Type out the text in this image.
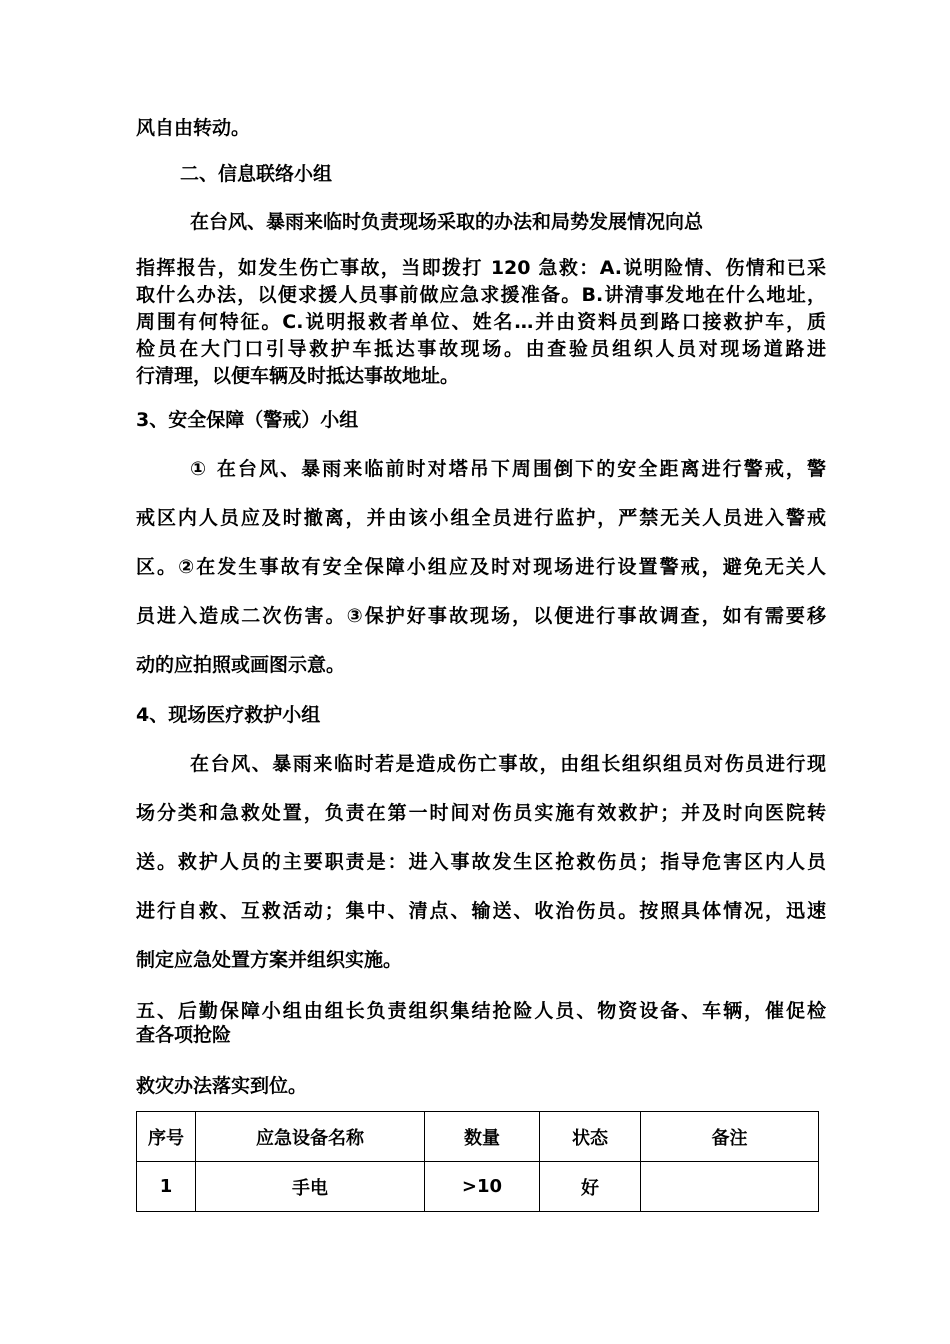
风自由转动。
二、信息联络小组
在台风、暴雨来临时负责现场采取的办法和局势发展情况向总

指挥报告，如发生伤亡事故，当即拨打 120 急救：A.说明险情、伤情和已采

取什么办法，以便求援人员事前做应急求援准备。B.讲清事发地在什么地址，

周围有何特征。C.说明报救者单位、姓名…并由资料员到路口接救护车，质

检员在大门口引导救护车抵达事故现场。由查验员组织人员对现场道路进

行清理，以便车辆及时抵达事故地址。

3、安全保障（警戒）小组
① 在台风、暴雨来临前时对塔吊下周围倒下的安全距离进行警戒，警
戒区内人员应及时撤离，并由该小组全员进行监护，严禁无关人员进入警戒
区。②在发生事故有安全保障小组应及时对现场进行设置警戒，避免无关人
员进入造成二次伤害。③保护好事故现场，以便进行事故调查，如有需要移
动的应拍照或画图示意。
4、现场医疗救护小组
在台风、暴雨来临时若是造成伤亡事故，由组长组织组员对伤员进行现
场分类和急救处置，负责在第一时间对伤员实施有效救护；并及时向医院转
送。救护人员的主要职责是：进入事故发生区抢救伤员；指导危害区内人员
进行自救、互救活动；集中、清点、输送、收治伤员。按照具体情况，迅速
制定应急处置方案并组织实施。

五、后勤保障小组由组长负责组织集结抢险人员、物资设备、车辆，催促检

查各项抢险

救灾办法落实到位。
序号	应急设备名称	数量	状态	备注
1	手电	>10	好	
